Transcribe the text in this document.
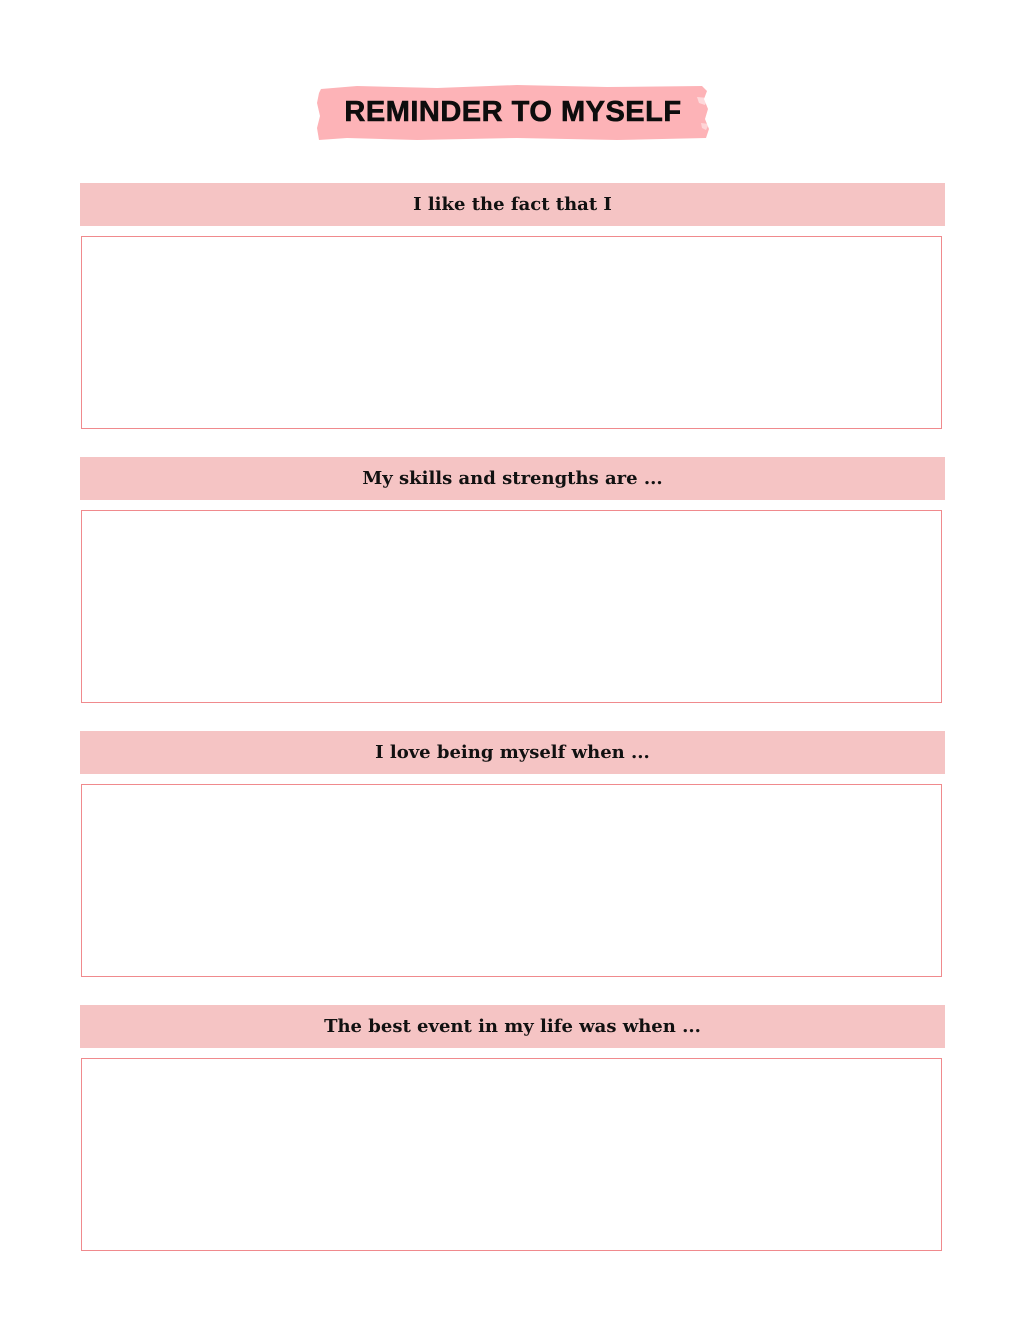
REMINDER TO MYSELF
I like the fact that I
My skills and strengths are ...
I love being myself when ...
The best event in my life was when ...
